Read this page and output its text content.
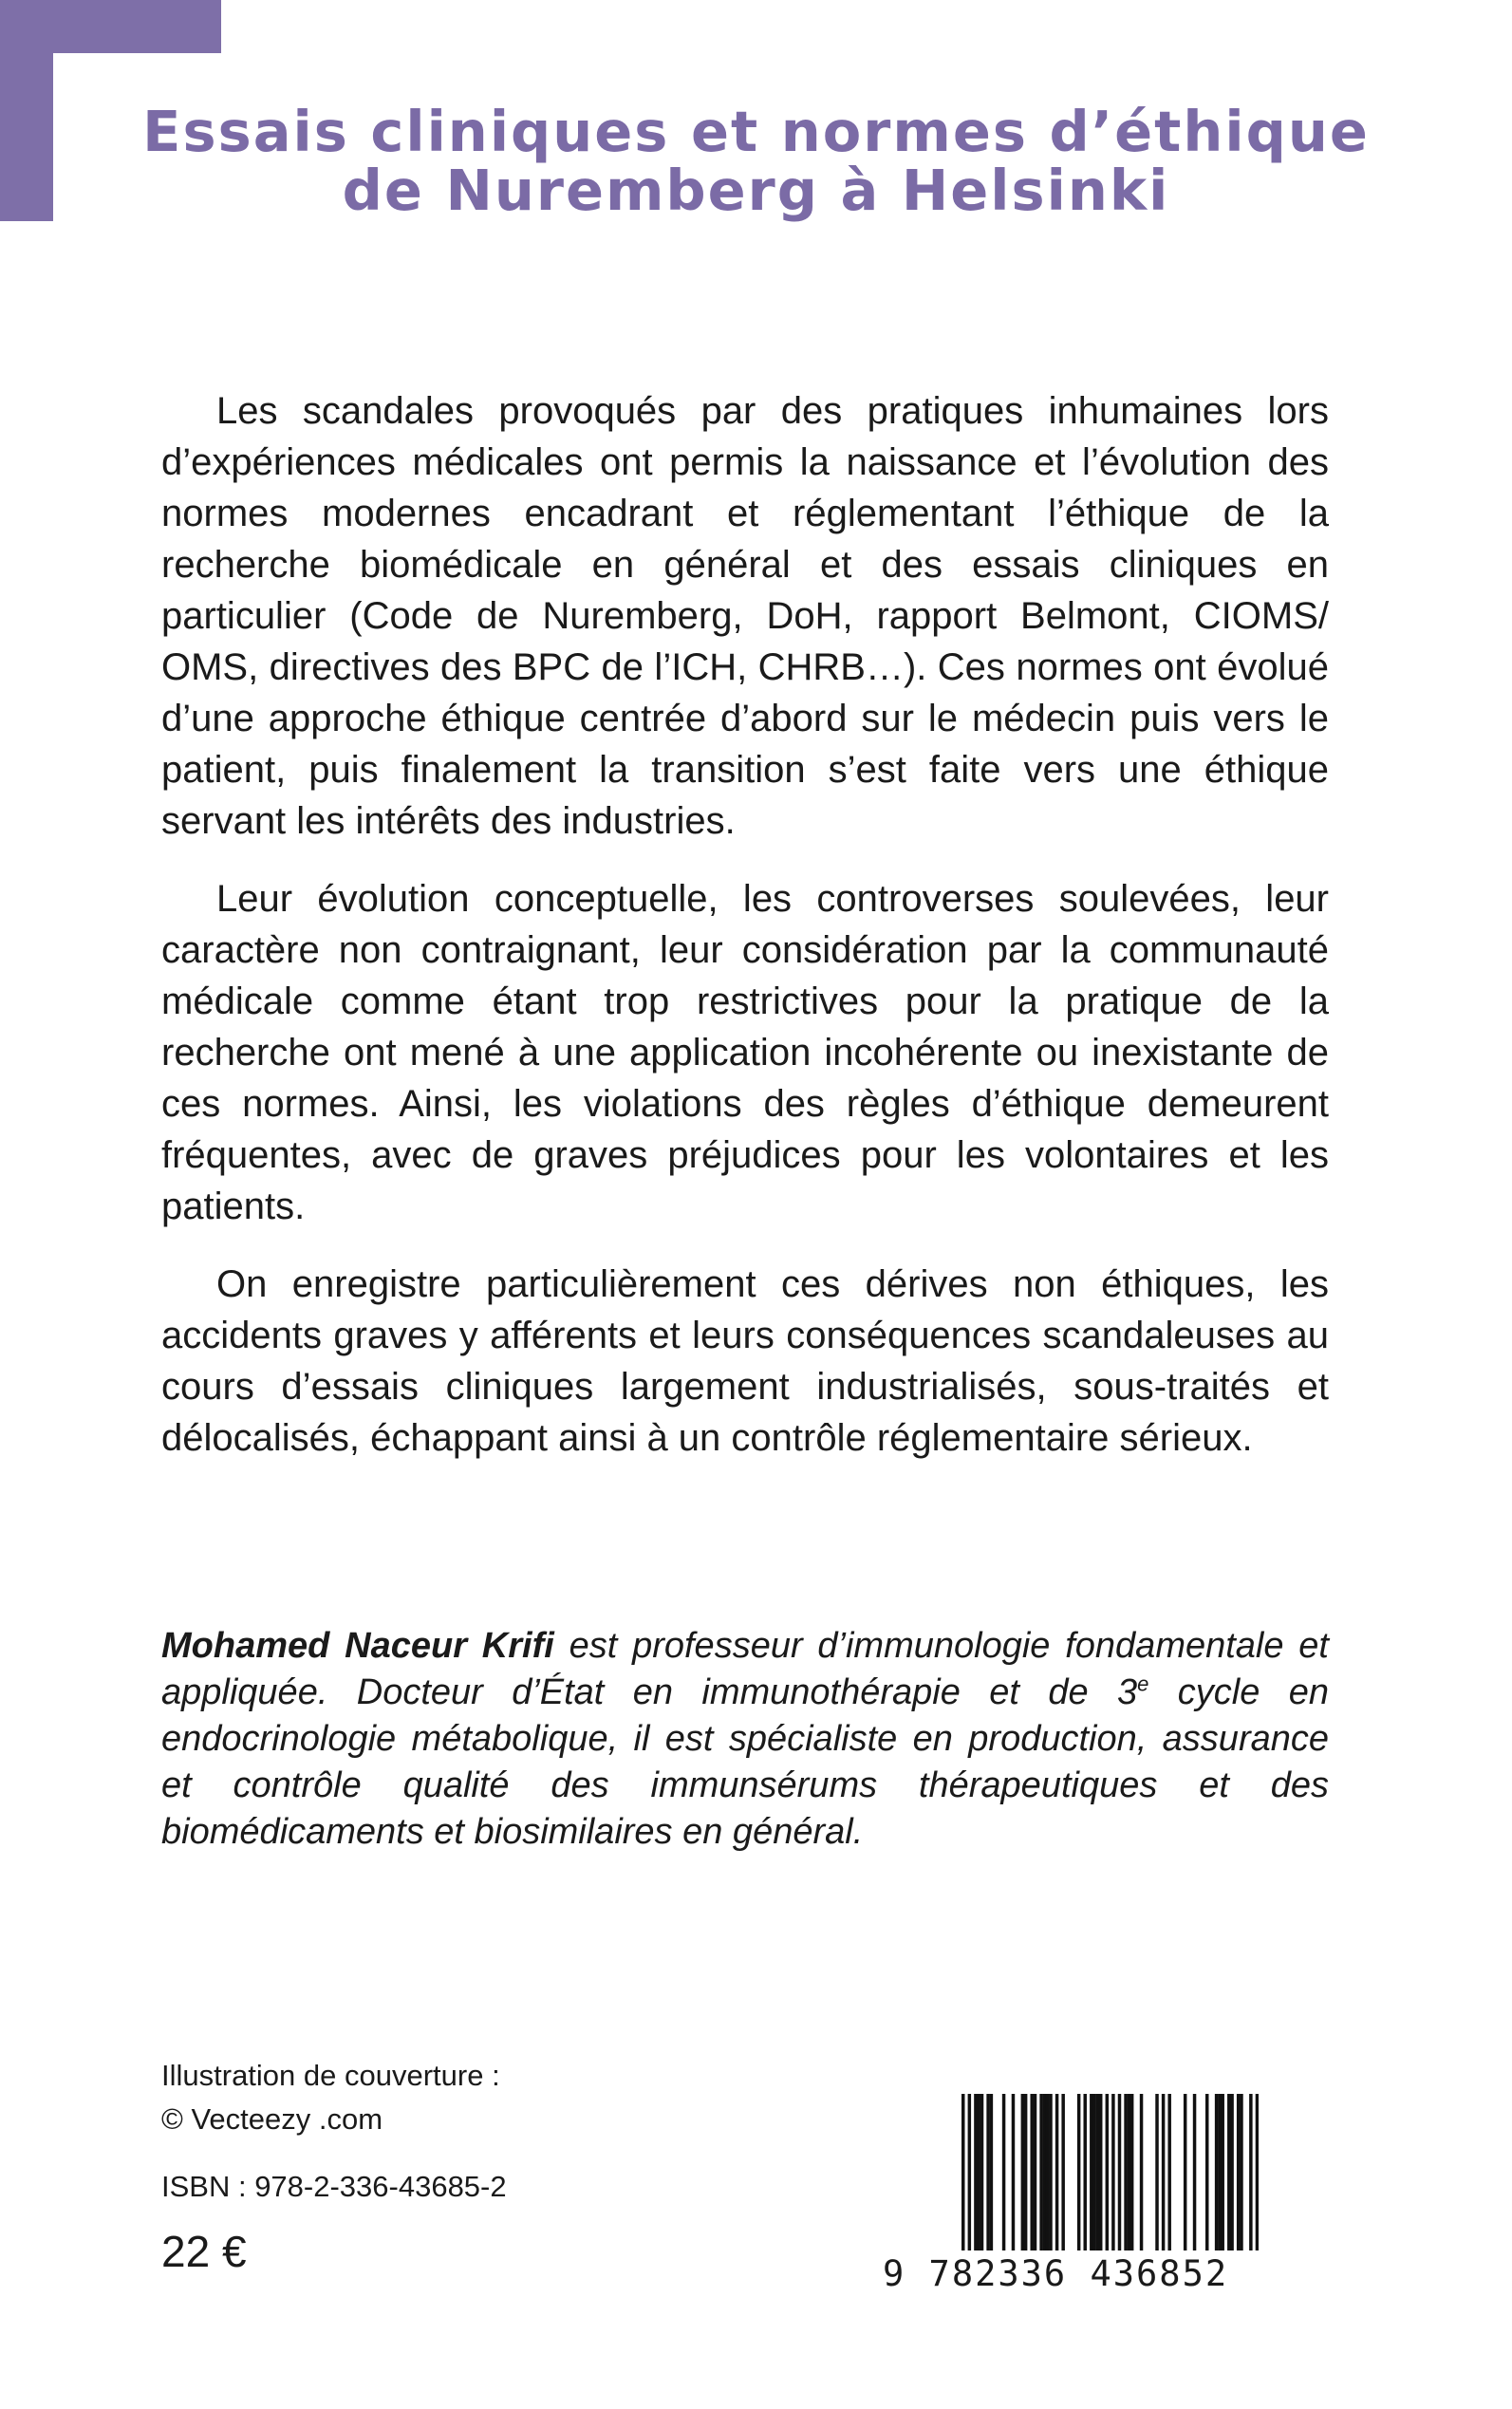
Essais cliniques et normes d’éthique
de Nuremberg à Helsinki

Les scandales provoqués par des pratiques inhumaines lors d’expériences médicales ont permis la naissance et l’évolution des normes modernes encadrant et réglementant l’éthique de la recherche biomédicale en général et des essais cliniques en particulier (Code de Nuremberg, DoH, rapport Belmont, CIOMS/ OMS, directives des BPC de l’ICH, CHRB…). Ces normes ont évolué d’une approche éthique centrée d’abord sur le médecin puis vers le patient, puis finalement la transition s’est faite vers une éthique servant les intérêts des industries.

Leur évolution conceptuelle, les controverses soulevées, leur caractère non contraignant, leur considération par la communauté médicale comme étant trop restrictives pour la pratique de la recherche ont mené à une application incohérente ou inexistante de ces normes. Ainsi, les violations des règles d’éthique demeurent fréquentes, avec de graves préjudices pour les volontaires et les patients.

On enregistre particulièrement ces dérives non éthiques, les accidents graves y afférents et leurs conséquences scandaleuses au cours d’essais cliniques largement industrialisés, sous-traités et délocalisés, échappant ainsi à un contrôle réglementaire sérieux.

Mohamed Naceur Krifi est professeur d’immunologie fondamentale et appliquée. Docteur d’État en immunothérapie et de 3e cycle en endocrinologie métabolique, il est spécialiste en production, assurance et contrôle qualité des immunsérums thérapeutiques et des biomédicaments et biosimilaires en général.
Illustration de couverture :
© Vecteezy .com
ISBN : 978-2-336-43685-2
22 €	9 782336 436852
